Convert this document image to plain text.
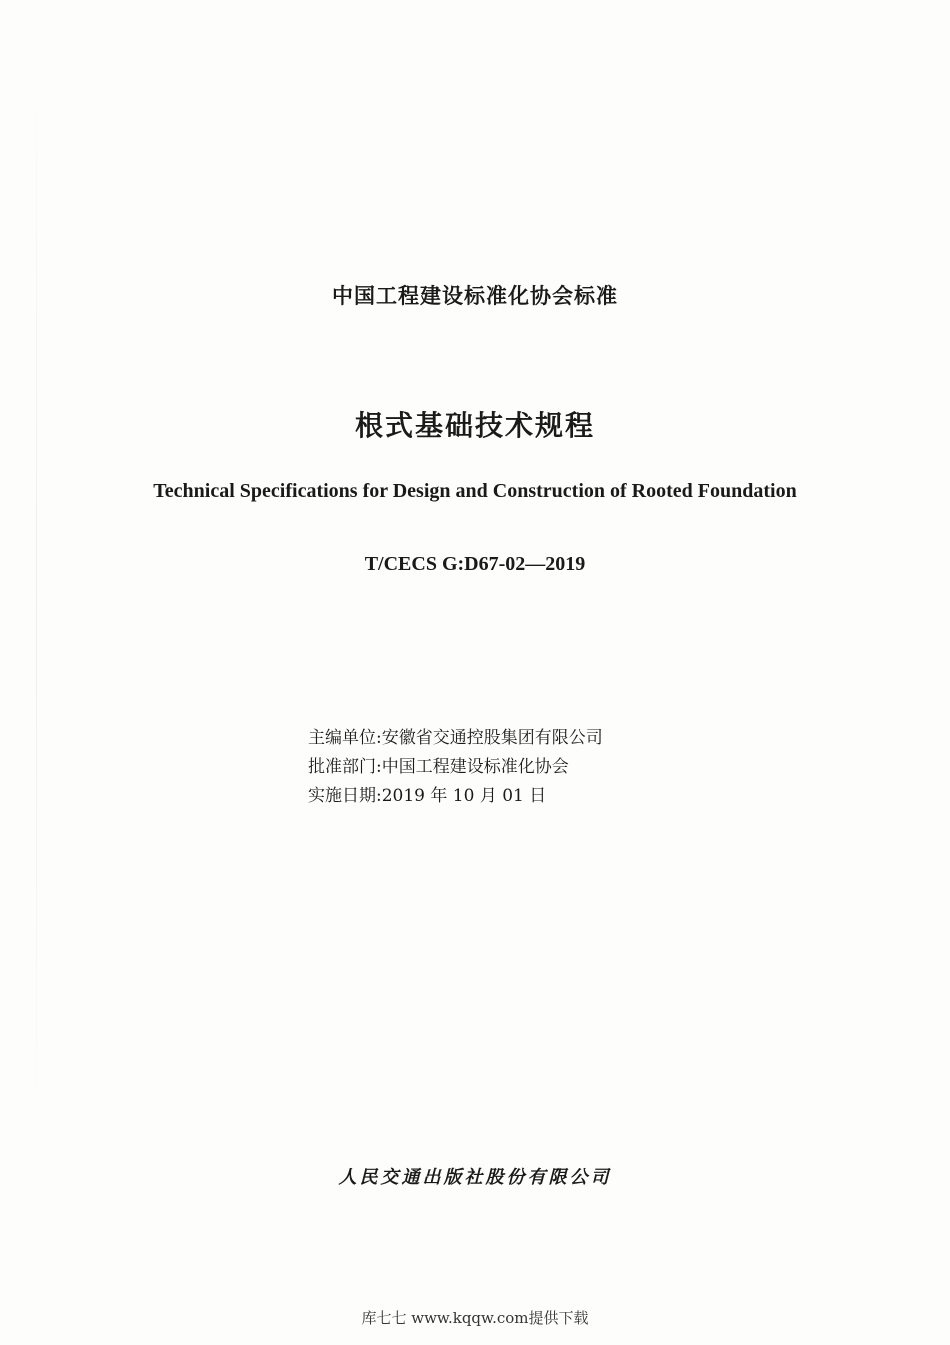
中国工程建设标准化协会标准
根式基础技术规程
Technical Specifications for Design and Construction of Rooted Foundation
T/CECS G:D67-02—2019
主编单位:安徽省交通控股集团有限公司
批准部门:中国工程建设标准化协会
实施日期:2019 年 10 月 01 日
人民交通出版社股份有限公司
库七七 www.kqqw.com提供下载
